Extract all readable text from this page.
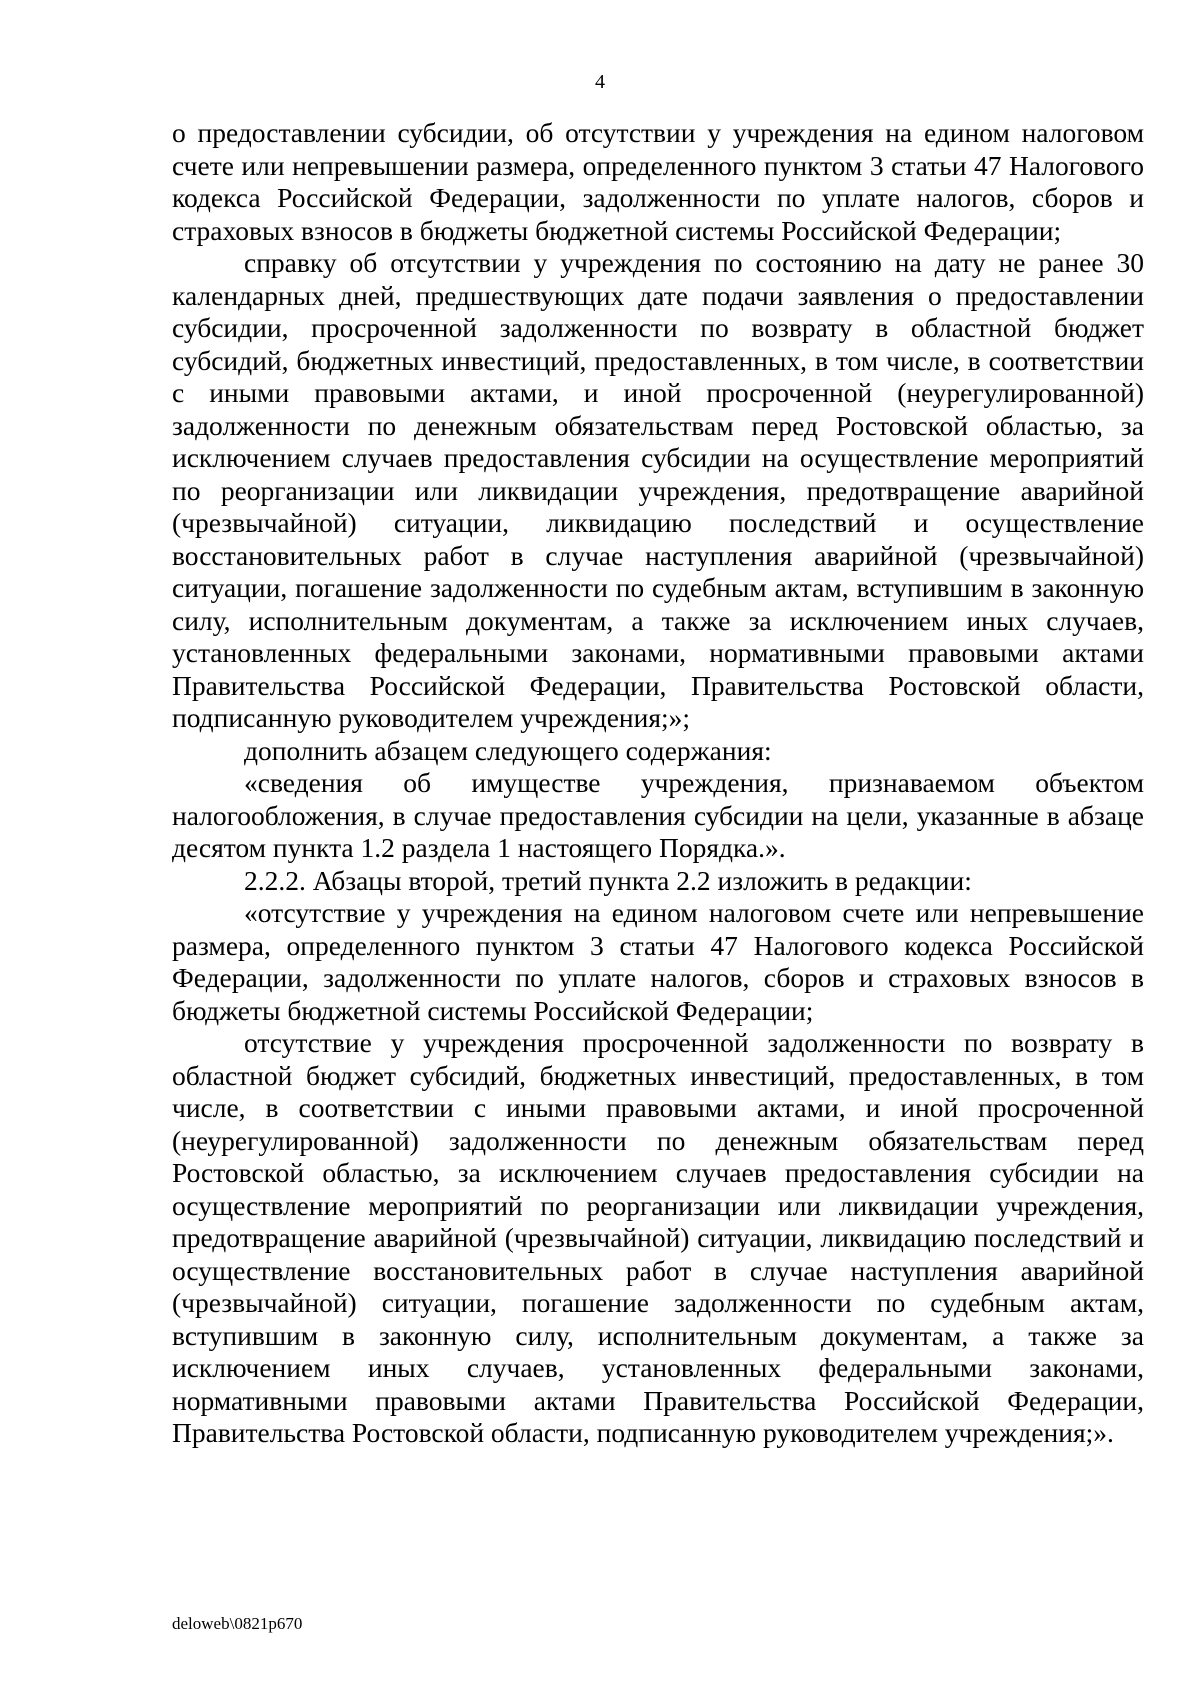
4

о предоставлении субсидии, об отсутствии у учреждения на едином налоговом счете или непревышении размера, определенного пунктом 3 статьи 47 Налогового кодекса Российской Федерации, задолженности по уплате налогов, сборов и страховых взносов в бюджеты бюджетной системы Российской Федерации;

справку об отсутствии у учреждения по состоянию на дату не ранее 30 календарных дней, предшествующих дате подачи заявления о предоставлении субсидии, просроченной задолженности по возврату в областной бюджет субсидий, бюджетных инвестиций, предоставленных, в том числе, в соответствии с иными правовыми актами, и иной просроченной (неурегулированной) задолженности по денежным обязательствам перед Ростовской областью, за исключением случаев предоставления субсидии на осуществление мероприятий по реорганизации или ликвидации учреждения, предотвращение аварийной (чрезвычайной) ситуации, ликвидацию последствий и осуществление восстановительных работ в случае наступления аварийной (чрезвычайной) ситуации, погашение задолженности по судебным актам, вступившим в законную силу, исполнительным документам, а также за исключением иных случаев, установленных федеральными законами, нормативными правовыми актами Правительства Российской Федерации, Правительства Ростовской области, подписанную руководителем учреждения;»;

дополнить абзацем следующего содержания:

«сведения об имуществе учреждения, признаваемом объектом налогообложения, в случае предоставления субсидии на цели, указанные в абзаце десятом пункта 1.2 раздела 1 настоящего Порядка.».

2.2.2. Абзацы второй, третий пункта 2.2 изложить в редакции:

«отсутствие у учреждения на едином налоговом счете или непревышение размера, определенного пунктом 3 статьи 47 Налогового кодекса Российской Федерации, задолженности по уплате налогов, сборов и страховых взносов в бюджеты бюджетной системы Российской Федерации;

отсутствие у учреждения просроченной задолженности по возврату в областной бюджет субсидий, бюджетных инвестиций, предоставленных, в том числе, в соответствии с иными правовыми актами, и иной просроченной (неурегулированной) задолженности по денежным обязательствам перед Ростовской областью, за исключением случаев предоставления субсидии на осуществление мероприятий по реорганизации или ликвидации учреждения, предотвращение аварийной (чрезвычайной) ситуации, ликвидацию последствий и осуществление восстановительных работ в случае наступления аварийной (чрезвычайной) ситуации, погашение задолженности по судебным актам, вступившим в законную силу, исполнительным документам, а также за исключением иных случаев, установленных федеральными законами, нормативными правовыми актами Правительства Российской Федерации, Правительства Ростовской области, подписанную руководителем учреждения;».

deloweb\0821p670
